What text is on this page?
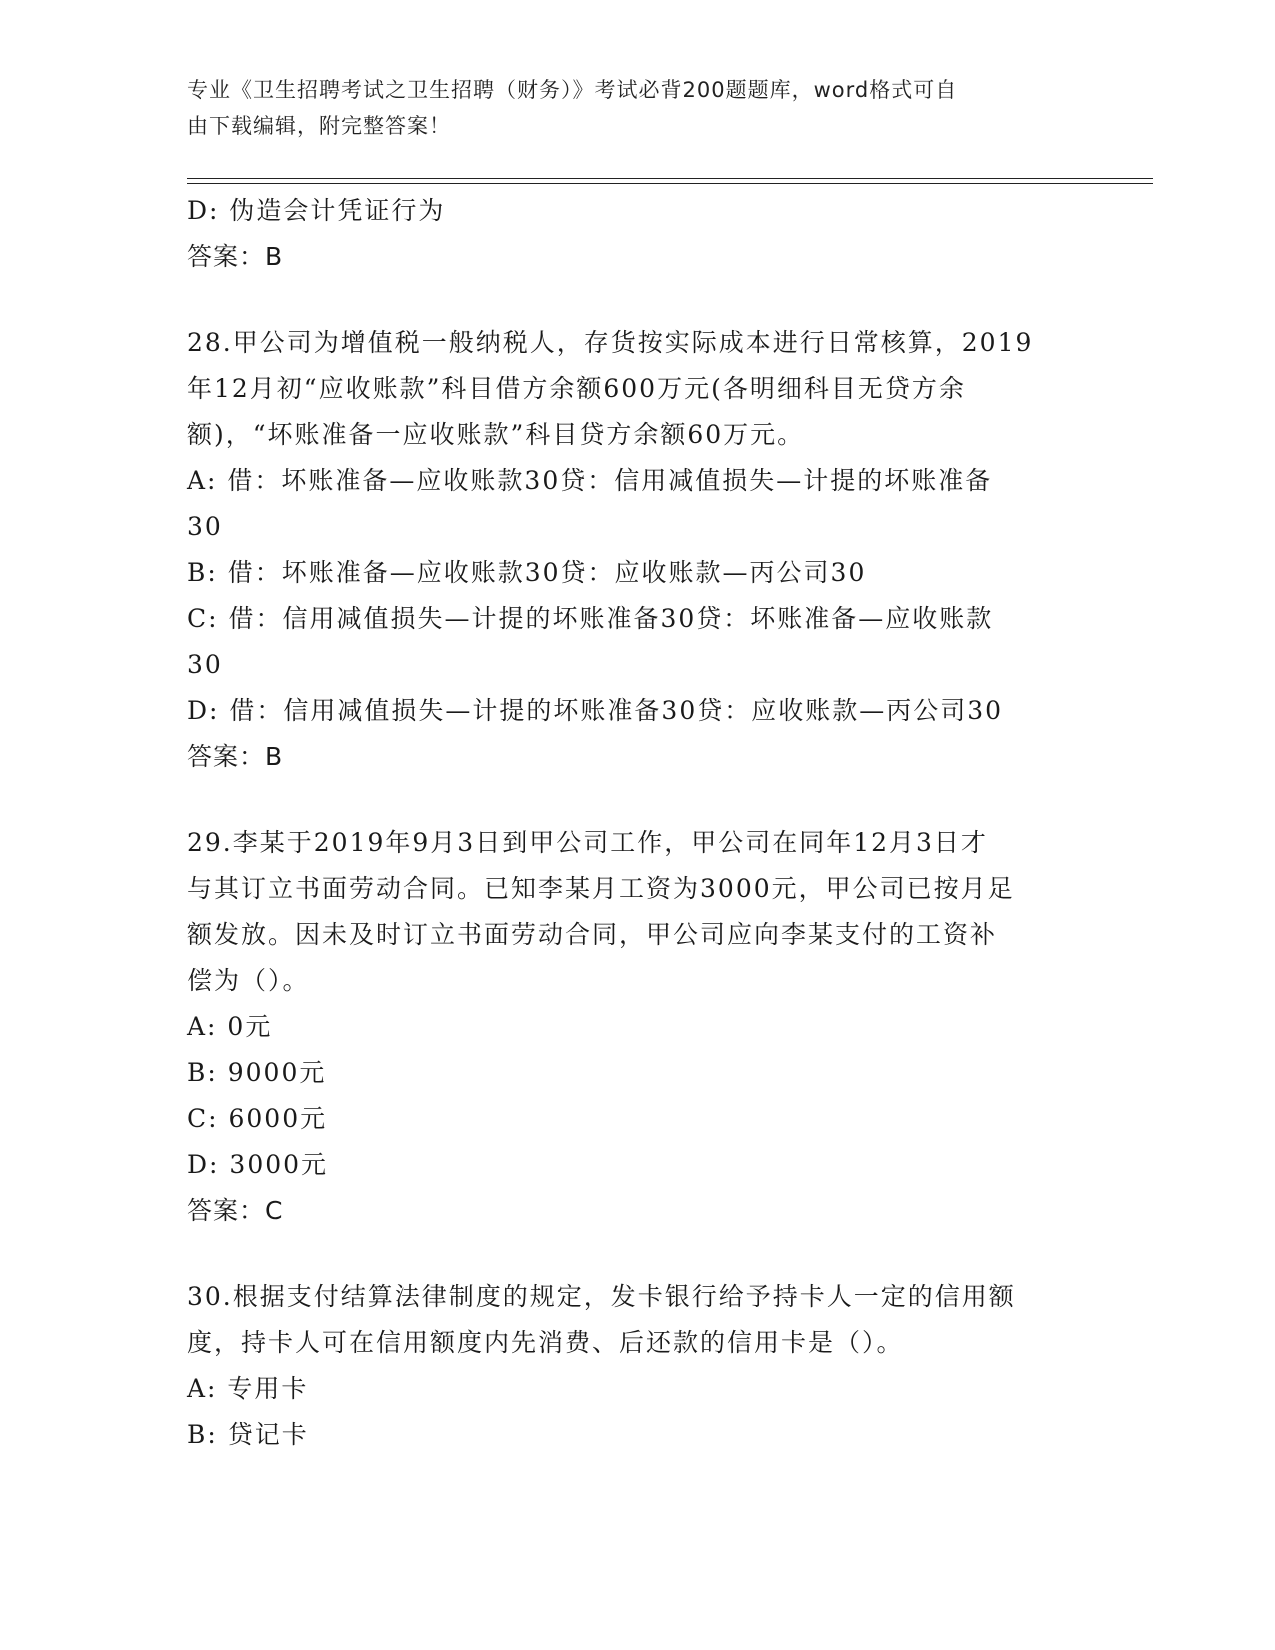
专业《卫生招聘考试之卫生招聘（财务）》考试必背200题题库，word格式可自
由下载编辑，附完整答案！
D: 伪造会计凭证行为
答案：B
28.甲公司为增值税一般纳税人，存货按实际成本进行日常核算，2019
年12月初“应收账款”科目借方余额600万元(各明细科目无贷方余
额)，“坏账准备一应收账款”科目贷方余额60万元。
A: 借：坏账准备—应收账款30贷：信用减值损失—计提的坏账准备
30
B: 借：坏账准备—应收账款30贷：应收账款—丙公司30
C: 借：信用减值损失—计提的坏账准备30贷：坏账准备—应收账款
30
D: 借：信用减值损失—计提的坏账准备30贷：应收账款—丙公司30
答案：B
29.李某于2019年9月3日到甲公司工作，甲公司在同年12月3日才
与其订立书面劳动合同。已知李某月工资为3000元，甲公司已按月足
额发放。因未及时订立书面劳动合同，甲公司应向李某支付的工资补
偿为（）。
A: 0元
B: 9000元
C: 6000元
D: 3000元
答案：C
30.根据支付结算法律制度的规定，发卡银行给予持卡人一定的信用额
度，持卡人可在信用额度内先消费、后还款的信用卡是（）。
A: 专用卡
B: 贷记卡
